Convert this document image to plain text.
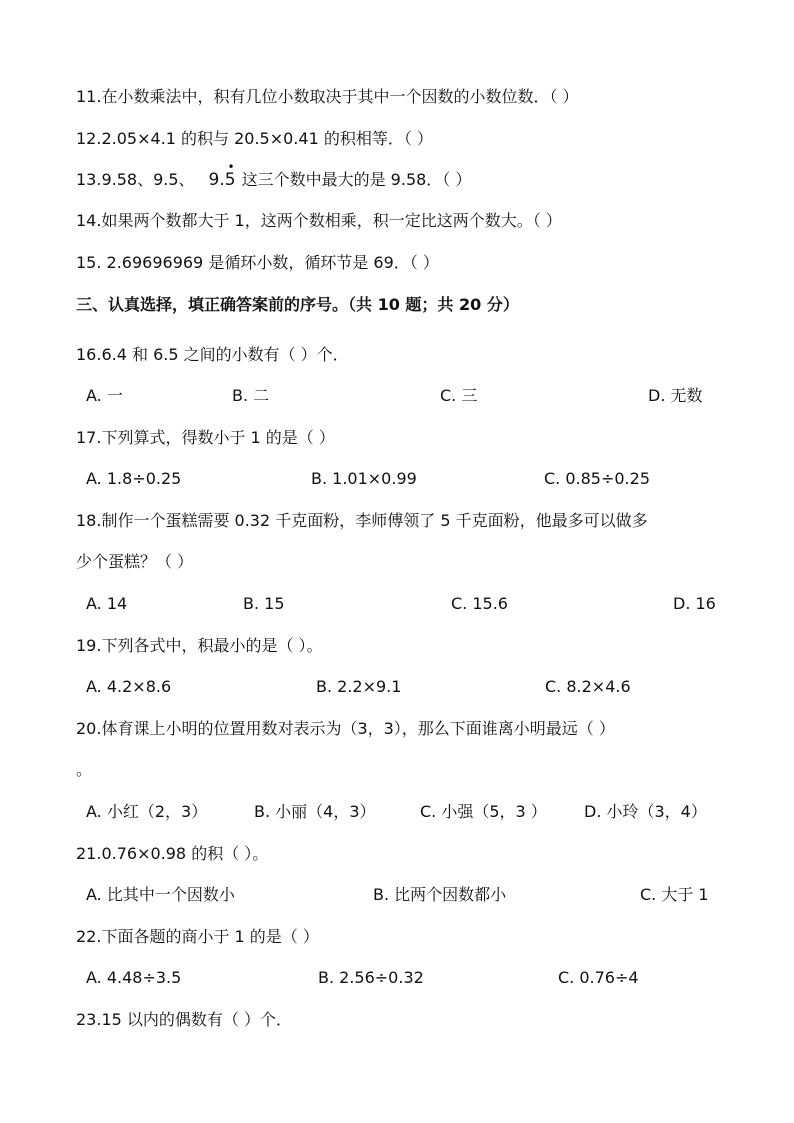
11.在小数乘法中，积有几位小数取决于其中一个因数的小数位数．（ ）
12.2.05×4.1 的积与 20.5×0.41 的积相等．（ ）
13.9.58、9.5、 9.5
•
这三个数中最大的是 9.58．（ ）
14.如果两个数都大于 1，这两个数相乘，积一定比这两个数大。（ ）
15. 2.69696969 是循环小数，循环节是 69．（ ）
三、认真选择，填正确答案前的序号。（共 10 题；共 20 分）
16.6.4 和 6.5 之间的小数有（ ）个．
A. 一	B. 二	C. 三	D. 无数
17.下列算式，得数小于 1 的是（ ）
A. 1.8÷0.25	B. 1.01×0.99	C. 0.85÷0.25
18.制作一个蛋糕需要 0.32 千克面粉，李师傅领了 5 千克面粉，他最多可以做多
少个蛋糕？（ ）
A. 14	B. 15	C. 15.6	D. 16
19.下列各式中，积最小的是（ ）。
A. 4.2×8.6	B. 2.2×9.1	C. 8.2×4.6
20.体育课上小明的位置用数对表示为（3，3），那么下面谁离小明最远（ ）
。
A. 小红（2，3）	B. 小丽（4，3）	C. 小强（5，3 ） D. 小玲（3，4）
21.0.76×0.98 的积（ ）。
A. 比其中一个因数小	B. 比两个因数都小	C. 大于 1
22.下面各题的商小于 1 的是（ ）
A. 4.48÷3.5	B. 2.56÷0.32	C. 0.76÷4
23.15 以内的偶数有（ ）个．
